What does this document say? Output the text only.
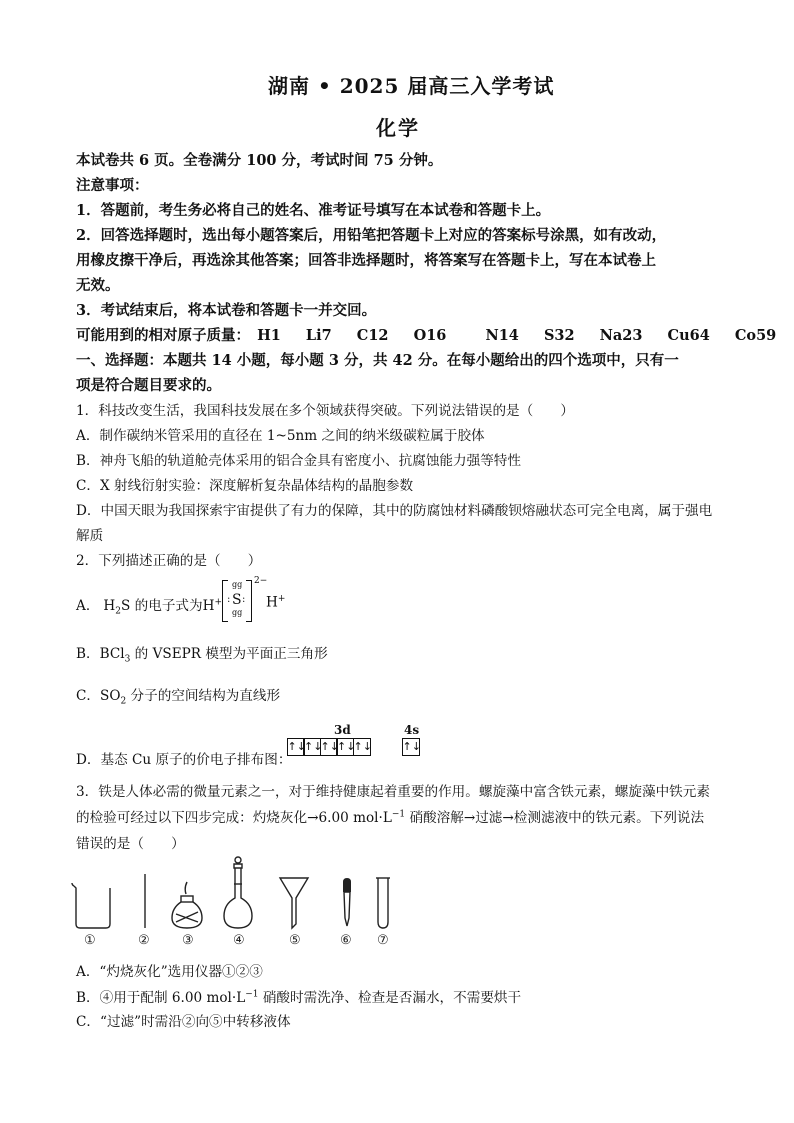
湖南 • 2025 届高三入学考试
化学
本试卷共 6 页。全卷满分 100 分，考试时间 75 分钟。
注意事项：
1．答题前，考生务必将自己的姓名、准考证号填写在本试卷和答题卡上。
2．回答选择题时，选出每小题答案后，用铅笔把答题卡上对应的答案标号涂黑，如有改动，
用橡皮擦干净后，再选涂其他答案；回答非选择题时，将答案写在答题卡上，写在本试卷上
无效。
3．考试结束后，将本试卷和答题卡一并交回。
可能用到的相对原子质量： H1 Li7 C12 O16	N14 S32 Na23 Cu64 Co59
一、选择题：本题共 14 小题，每小题 3 分，共 42 分。在每小题给出的四个选项中，只有一
项是符合题目要求的。
1．科技改变生活，我国科技发展在多个领域获得突破。下列说法错误的是（　　）
A．制作碳纳米管采用的直径在 1~5nm 之间的纳米级碳粒属于胶体
B．神舟飞船的轨道舱壳体采用的铝合金具有密度小、抗腐蚀能力强等特性
C．X 射线衍射实验：深度解析复杂晶体结构的晶胞参数
D．中国天眼为我国探索宇宙提供了有力的保障，其中的防腐蚀材料磷酸钡熔融状态可完全电离，属于强电
解质
2．下列描述正确的是（　　）
A． $H_2S$ 的电子式为H+
gg
S
: :
gg
2−
H+
B．BCl$_3$ 的 VSEPR 模型为平面正三角形
C．$SO_2$ 分子的空间结构为直线形
D．基态 Cu 原子的价电子排布图：
3d	4s
↑↓
↑↓
↑↓
↑↓
↑↓	↑↓
3．铁是人体必需的微量元素之一，对于维持健康起着重要的作用。螺旋藻中富含铁元素，螺旋藻中铁元素
的检验可经过以下四步完成：灼烧灰化→6.00 $mol\cdot L^{-1}$ 硝酸溶解→过滤→检测滤液中的铁元素。下列说法
错误的是（　　）
①	② ③	④	⑤	⑥ ⑦
A．“灼烧灰化”选用仪器①②③
B．④用于配制 6.00 $mol\cdot L^{-1}$ 硝酸时需洗净、检查是否漏水，不需要烘干
C．“过滤”时需沿②向⑤中转移液体
